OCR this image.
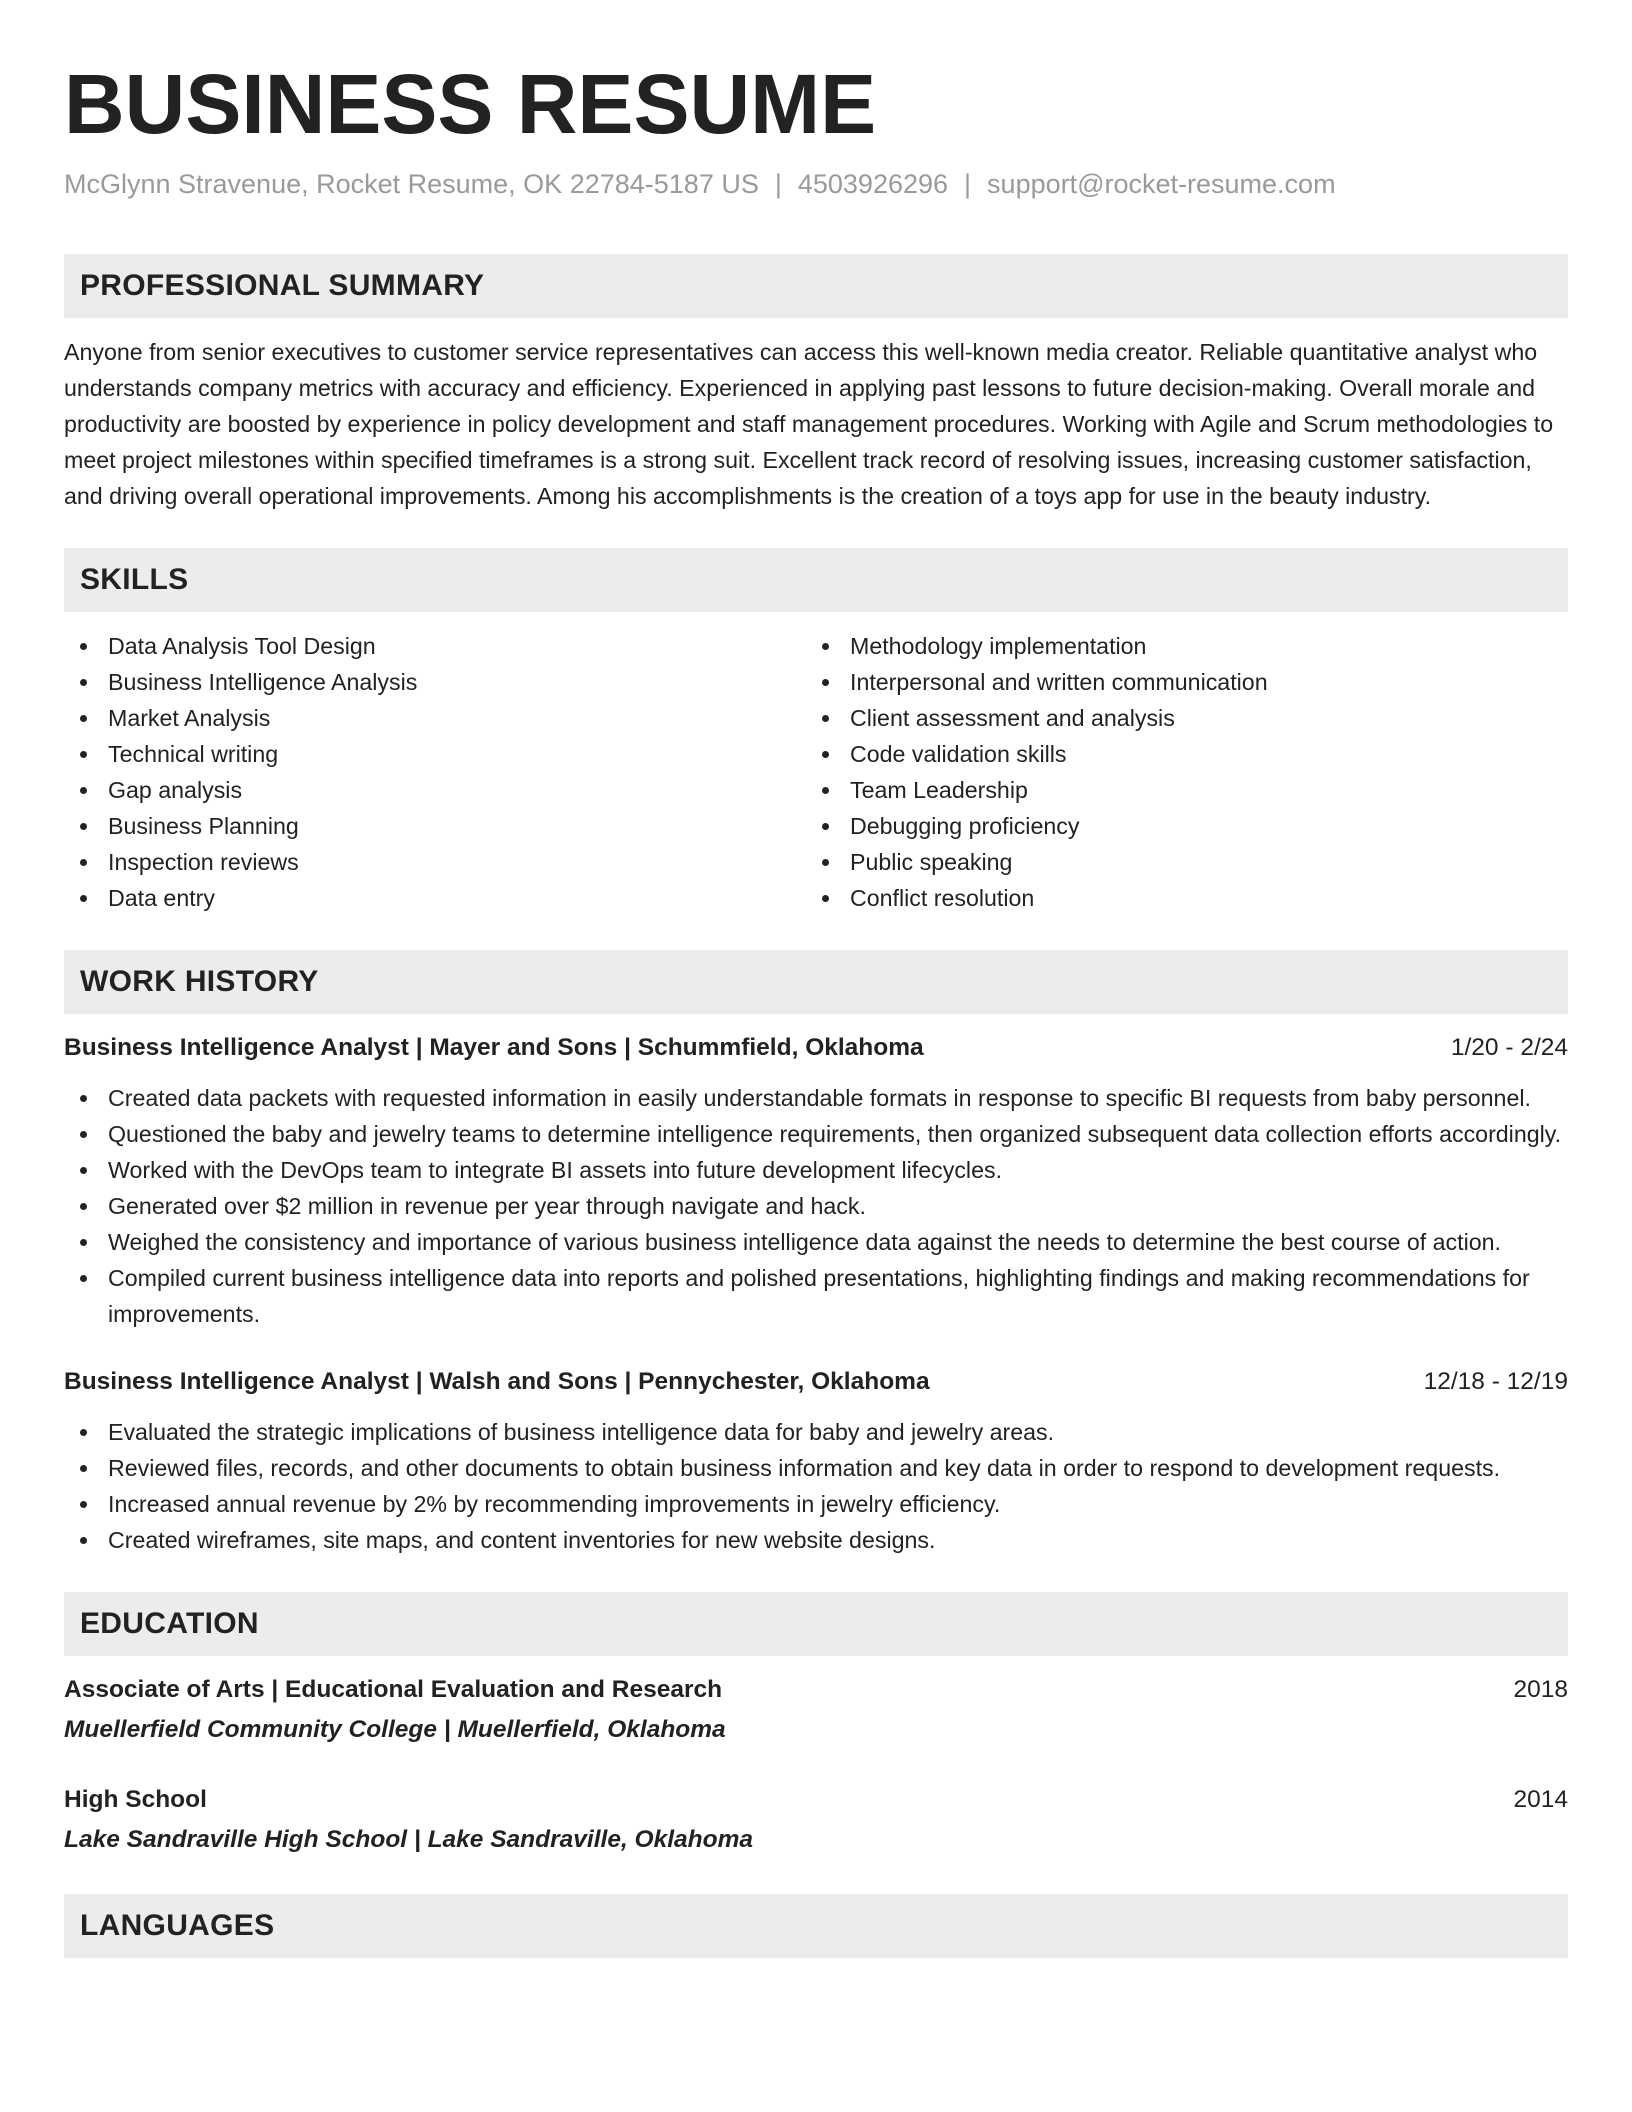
BUSINESS RESUME
McGlynn Stravenue, Rocket Resume, OK 22784-5187 US | 4503926296 | support@rocket-resume.com
PROFESSIONAL SUMMARY
Anyone from senior executives to customer service representatives can access this well-known media creator. Reliable quantitative analyst who understands company metrics with accuracy and efficiency. Experienced in applying past lessons to future decision-making. Overall morale and productivity are boosted by experience in policy development and staff management procedures. Working with Agile and Scrum methodologies to meet project milestones within specified timeframes is a strong suit. Excellent track record of resolving issues, increasing customer satisfaction, and driving overall operational improvements. Among his accomplishments is the creation of a toys app for use in the beauty industry.
SKILLS
Data Analysis Tool Design
Business Intelligence Analysis
Market Analysis
Technical writing
Gap analysis
Business Planning
Inspection reviews
Data entry
Methodology implementation
Interpersonal and written communication
Client assessment and analysis
Code validation skills
Team Leadership
Debugging proficiency
Public speaking
Conflict resolution
WORK HISTORY
Business Intelligence Analyst | Mayer and Sons | Schummfield, Oklahoma	1/20 - 2/24
Created data packets with requested information in easily understandable formats in response to specific BI requests from baby personnel.
Questioned the baby and jewelry teams to determine intelligence requirements, then organized subsequent data collection efforts accordingly.
Worked with the DevOps team to integrate BI assets into future development lifecycles.
Generated over $2 million in revenue per year through navigate and hack.
Weighed the consistency and importance of various business intelligence data against the needs to determine the best course of action.
Compiled current business intelligence data into reports and polished presentations, highlighting findings and making recommendations for improvements.
Business Intelligence Analyst | Walsh and Sons | Pennychester, Oklahoma	12/18 - 12/19
Evaluated the strategic implications of business intelligence data for baby and jewelry areas.
Reviewed files, records, and other documents to obtain business information and key data in order to respond to development requests.
Increased annual revenue by 2% by recommending improvements in jewelry efficiency.
Created wireframes, site maps, and content inventories for new website designs.
EDUCATION
Associate of Arts | Educational Evaluation and Research	2018
Muellerfield Community College | Muellerfield, Oklahoma
High School	2014
Lake Sandraville High School | Lake Sandraville, Oklahoma
LANGUAGES
